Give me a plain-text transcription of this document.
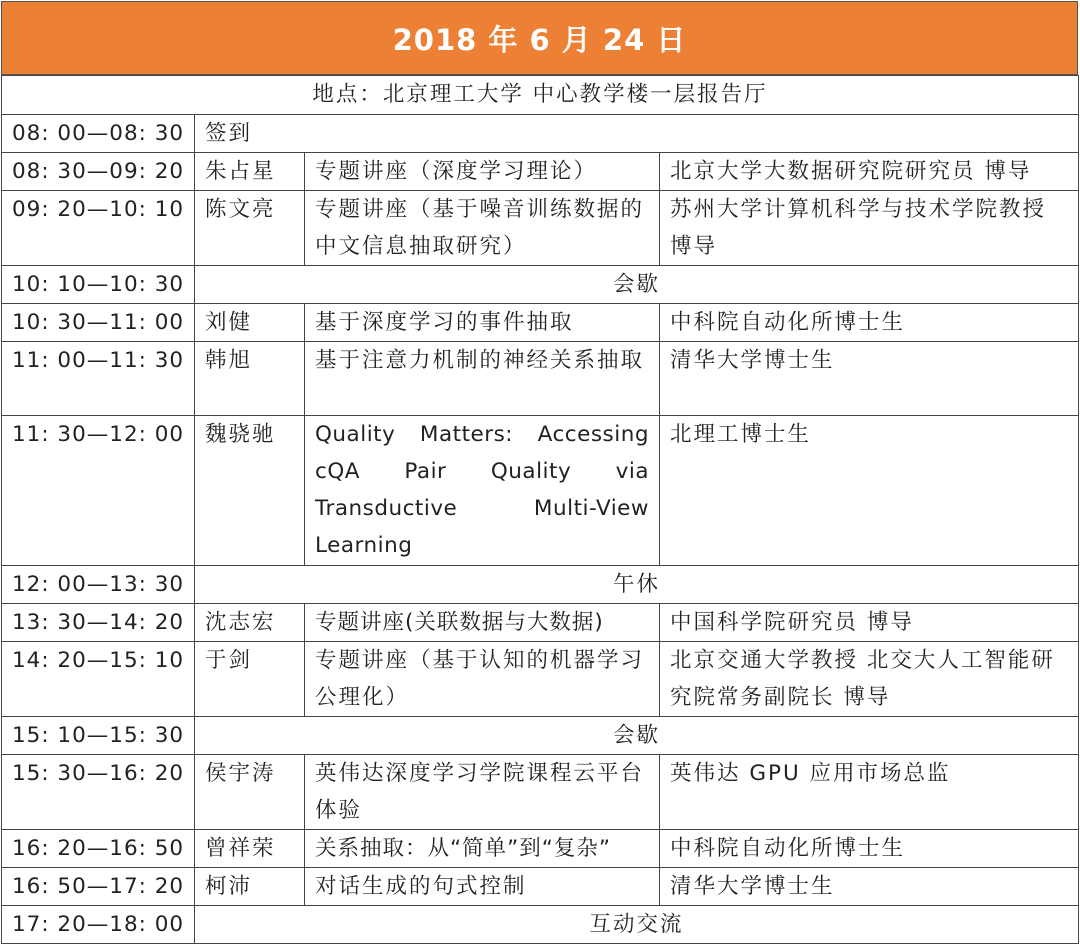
2018 年 6 月 24 日
地点：北京理工大学 中心教学楼一层报告厅			
08: 00—08: 30	签到		
08: 30—09: 20	朱占星	专题讲座（深度学习理论）	北京大学大数据研究院研究员 博导
09: 20—10: 10	陈文亮	专题讲座（基于噪音训练数据的中文信息抽取研究）	苏州大学计算机科学与技术学院教授 博导
10: 10—10: 30	会歇		
10: 30—11: 00	刘健	基于深度学习的事件抽取	中科院自动化所博士生
11: 00—11: 30	韩旭	基于注意力机制的神经关系抽取	清华大学博士生
11: 30—12: 00	魏骁驰	Quality Matters: Accessing cQA Pair Quality via Transductive Multi-View Learning	北理工博士生
12: 00—13: 30	午休		
13: 30—14: 20	沈志宏	专题讲座(关联数据与大数据)	中国科学院研究员 博导
14: 20—15: 10	于剑	专题讲座（基于认知的机器学习公理化）	北京交通大学教授 北交大人工智能研究院常务副院长 博导
15: 10—15: 30	会歇		
15: 30—16: 20	侯宇涛	英伟达深度学习学院课程云平台体验	英伟达 GPU 应用市场总监
16: 20—16: 50	曾祥荣	关系抽取：从“简单”到“复杂”	中科院自动化所博士生
16: 50—17: 20	柯沛	对话生成的句式控制	清华大学博士生
17: 20—18: 00	互动交流		
